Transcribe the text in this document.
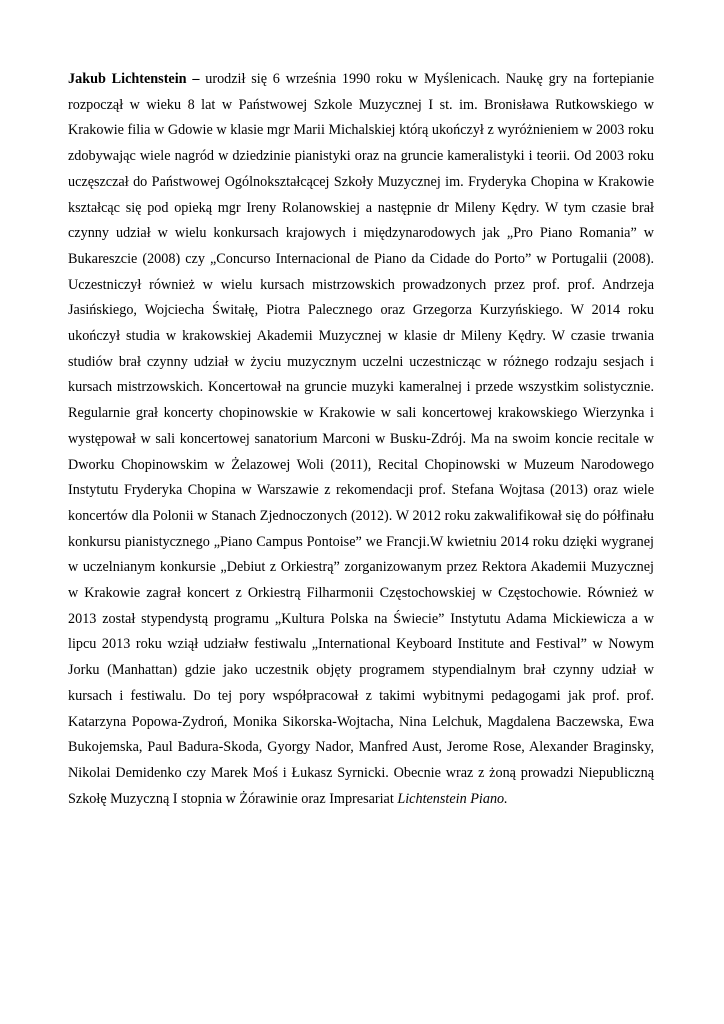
Jakub Lichtenstein – urodził się 6 września 1990 roku w Myślenicach. Naukę gry na fortepianie rozpoczął w wieku 8 lat w Państwowej Szkole Muzycznej I st. im. Bronisława Rutkowskiego w Krakowie filia w Gdowie w klasie mgr Marii Michalskiej którą ukończył z wyróżnieniem w 2003 roku zdobywając wiele nagród w dziedzinie pianistyki oraz na gruncie kameralistyki i teorii. Od 2003 roku uczęszczał do Państwowej Ogólnokształcącej Szkoły Muzycznej im. Fryderyka Chopina w Krakowie kształcąc się pod opieką mgr Ireny Rolanowskiej a następnie dr Mileny Kędry. W tym czasie brał czynny udział w wielu konkursach krajowych i międzynarodowych jak „Pro Piano Romania” w Bukareszcie (2008) czy „Concurso Internacional de Piano da Cidade do Porto” w Portugalii (2008). Uczestniczył również w wielu kursach mistrzowskich prowadzonych przez prof. prof. Andrzeja Jasińskiego, Wojciecha Świtałę, Piotra Palecznego oraz Grzegorza Kurzyńskiego. W 2014 roku ukończył studia w krakowskiej Akademii Muzycznej w klasie dr Mileny Kędry. W czasie trwania studiów brał czynny udział w życiu muzycznym uczelni uczestnicząc w różnego rodzaju sesjach i kursach mistrzowskich. Koncertował na gruncie muzyki kameralnej i przede wszystkim solistycznie. Regularnie grał koncerty chopinowskie w Krakowie w sali koncertowej krakowskiego Wierzynka i występował w sali koncertowej sanatorium Marconi w Busku-Zdrój. Ma na swoim koncie recitale w Dworku Chopinowskim w Żelazowej Woli (2011), Recital Chopinowski w Muzeum Narodowego Instytutu Fryderyka Chopina w Warszawie z rekomendacji prof. Stefana Wojtasa (2013) oraz wiele koncertów dla Polonii w Stanach Zjednoczonych (2012). W 2012 roku zakwalifikował się do półfinału konkursu pianistycznego „Piano Campus Pontoise” we Francji.W kwietniu 2014 roku dzięki wygranej w uczelnianym konkursie „Debiut z Orkiestrą” zorganizowanym przez Rektora Akademii Muzycznej w Krakowie zagrał koncert z Orkiestrą Filharmonii Częstochowskiej w Częstochowie. Również w 2013 został stypendystą programu „Kultura Polska na Świecie” Instytutu Adama Mickiewicza a w lipcu 2013 roku wziął udziałw festiwalu „International Keyboard Institute and Festival” w Nowym Jorku (Manhattan) gdzie jako uczestnik objęty programem stypendialnym brał czynny udział w kursach i festiwalu. Do tej pory współpracował z takimi wybitnymi pedagogami jak prof. prof. Katarzyna Popowa-Zydroń, Monika Sikorska-Wojtacha, Nina Lelchuk, Magdalena Baczewska, Ewa Bukojemska, Paul Badura-Skoda, Gyorgy Nador, Manfred Aust, Jerome Rose, Alexander Braginsky, Nikolai Demidenko czy Marek Moś i Łukasz Syrnicki. Obecnie wraz z żoną prowadzi Niepubliczną Szkołę Muzyczną I stopnia w Żórawinie oraz Impresariat Lichtenstein Piano.
